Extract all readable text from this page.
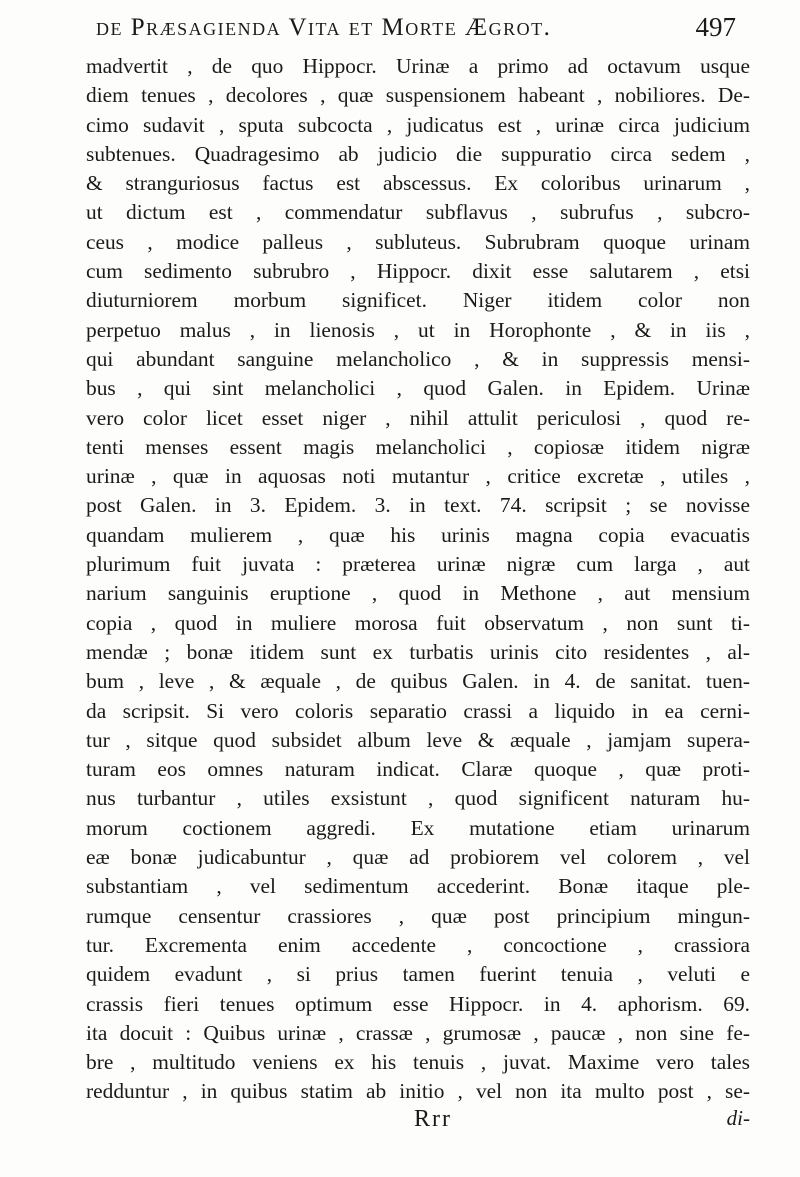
de Præsagienda Vita et Morte Ægrot.	497
madvertit , de quo Hippocr. Urinæ a primo ad octavum usque
diem tenues , decolores , quæ suspensionem habeant , nobiliores. De-
cimo sudavit , sputa subcocta , judicatus est , urinæ circa judicium
subtenues. Quadragesimo ab judicio die suppuratio circa sedem ,
& stranguriosus factus est abscessus. Ex coloribus urinarum ,
ut dictum est , commendatur subflavus , subrufus , subcro-
ceus , modice palleus , subluteus. Subrubram quoque urinam
cum sedimento subrubro , Hippocr. dixit esse salutarem , etsi
diuturniorem morbum significet. Niger itidem color non
perpetuo malus , in lienosis , ut in Horophonte , & in iis ,
qui abundant sanguine melancholico , & in suppressis mensi-
bus , qui sint melancholici , quod Galen. in Epidem. Urinæ
vero color licet esset niger , nihil attulit periculosi , quod re-
tenti menses essent magis melancholici , copiosæ itidem nigræ
urinæ , quæ in aquosas noti mutantur , critice excretæ , utiles ,
post Galen. in 3. Epidem. 3. in text. 74. scripsit ; se novisse
quandam mulierem , quæ his urinis magna copia evacuatis
plurimum fuit juvata : præterea urinæ nigræ cum larga , aut
narium sanguinis eruptione , quod in Methone , aut mensium
copia , quod in muliere morosa fuit observatum , non sunt ti-
mendæ ; bonæ itidem sunt ex turbatis urinis cito residentes , al-
bum , leve , & æquale , de quibus Galen. in 4. de sanitat. tuen-
da scripsit. Si vero coloris separatio crassi a liquido in ea cerni-
tur , sitque quod subsidet album leve & æquale , jamjam supera-
turam eos omnes naturam indicat. Claræ quoque , quæ proti-
nus turbantur , utiles exsistunt , quod significent naturam hu-
morum coctionem aggredi. Ex mutatione etiam urinarum
eæ bonæ judicabuntur , quæ ad probiorem vel colorem , vel
substantiam , vel sedimentum accederint. Bonæ itaque ple-
rumque censentur crassiores , quæ post principium mingun-
tur. Excrementa enim accedente , concoctione , crassiora
quidem evadunt , si prius tamen fuerint tenuia , veluti e
crassis fieri tenues optimum esse Hippocr. in 4. aphorism. 69.
ita docuit : Quibus urinæ , crassæ , grumosæ , paucæ , non sine fe-
bre , multitudo veniens ex his tenuis , juvat. Maxime vero tales
redduntur , in quibus statim ab initio , vel non ita multo post , se-
Rrr	di-
